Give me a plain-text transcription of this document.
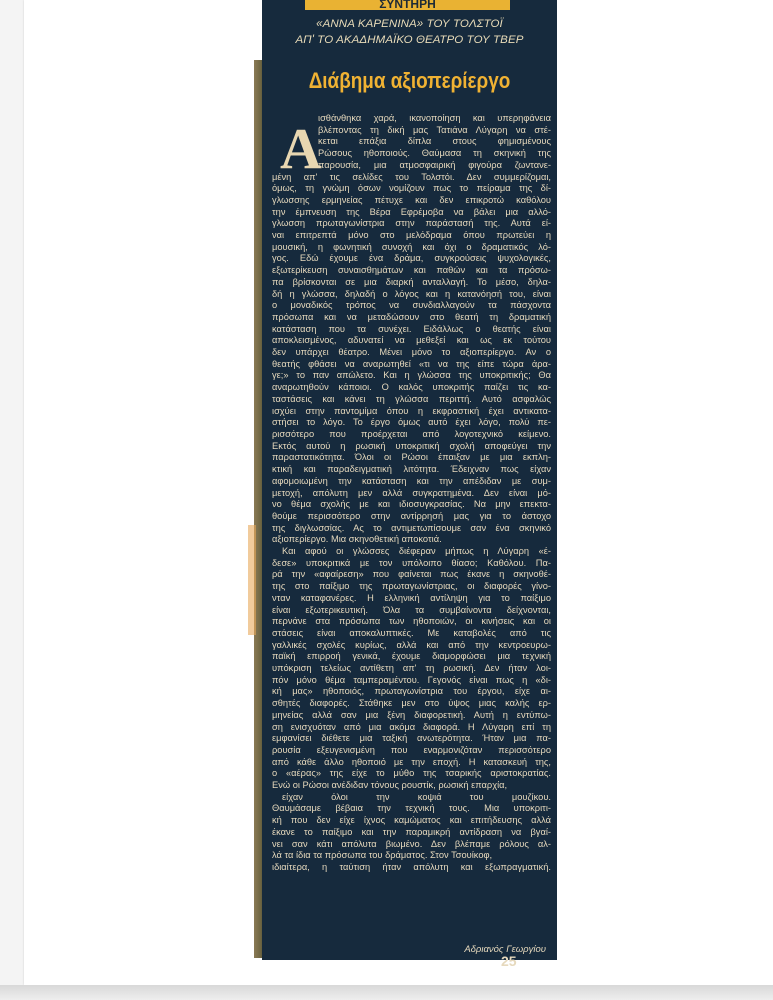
ΣΥΝΤΗΡΗ
«ΑΝΝΑ ΚΑΡΕΝΙΝΑ» ΤΟΥ ΤΟΛΣΤΟΪ
ΑΠ' ΤΟ ΑΚΑΔΗΜΑΪΚΟ ΘΕΑΤΡΟ ΤΟΥ ΤΒΕΡ
Διάβημα αξιοπερίεργο
Α
ισθάνθηκα χαρά, ικανοποίηση και υπερηφάνεια
βλέποντας τη δική μας Τατιάνα Λύγαρη να στέ-
κεται επάξια δίπλα στους φημισμένους
Ρώσους ηθοποιούς. Θαύμασα τη σκηνική της
παρουσία, μια ατμοσφαιρική φιγούρα ζωντανε-
μένη απ' τις σελίδες του Τολστόι. Δεν συμμερίζομαι,
όμως, τη γνώμη όσων νομίζουν πως το πείραμα της δί-
γλωσσης ερμηνείας πέτυχε και δεν επικροτώ καθόλου
την έμπνευση της Βέρα Εφρέμοβα να βάλει μια αλλό-
γλωσση πρωταγωνίστρια στην παράστασή της. Αυτά εί-
ναι επιτρεπτά μόνο στο μελόδραμα όπου πρωτεύει η
μουσική, η φωνητική συνοχή και όχι ο δραματικός λό-
γος. Εδώ έχουμε ένα δράμα, συγκρούσεις ψυχολογικές,
εξωτερίκευση συναισθημάτων και παθών και τα πρόσω-
πα βρίσκονται σε μια διαρκή ανταλλαγή. Το μέσο, δηλα-
δή η γλώσσα, δηλαδή ο λόγος και η κατανόησή του, είναι
ο μοναδικός τρόπος να συνδιαλλαγούν τα πάσχοντα
πρόσωπα και να μεταδώσουν στο θεατή τη δραματική
κατάσταση που τα συνέχει. Ειδάλλως ο θεατής είναι
αποκλεισμένος, αδυνατεί να μεθεξεί και ως εκ τούτου
δεν υπάρχει θέατρο. Μένει μόνο το αξιοπερίεργο. Αν ο
θεατής φθάσει να αναρωτηθεί «τι να της είπε τώρα άρα-
γε;» το παν απώλετο. Και η γλώσσα της υποκριτικής; Θα
αναρωτηθούν κάποιοι. Ο καλός υποκριτής παίζει τις κα-
ταστάσεις και κάνει τη γλώσσα περιττή. Αυτό ασφαλώς
ισχύει στην παντομίμα όπου η εκφραστική έχει αντικατα-
στήσει το λόγο. Το έργο όμως αυτό έχει λόγο, πολύ πε-
ρισσότερο που προέρχεται από λογοτεχνικό κείμενο.
Εκτός αυτού η ρωσική υποκριτική σχολή αποφεύγει την
παραστατικότητα. Όλοι οι Ρώσοι έπαιξαν με μια εκπλη-
κτική και παραδειγματική λιτότητα. Έδειχναν πως είχαν
αφομοιωμένη την κατάσταση και την απέδιδαν με συμ-
μετοχή, απόλυτη μεν αλλά συγκρατημένα. Δεν είναι μό-
νο θέμα σχολής με και ιδιοσυγκρασίας. Να μην επεκτα-
θούμε περισσότερο στην αντίρρησή μας για το άστοχο
της διγλωσσίας. Ας το αντιμετωπίσουμε σαν ένα σκηνικό
αξιοπερίεργο. Μια σκηνοθετική αποκοτιά.
Και αφού οι γλώσσες διέφεραν μήπως η Λύγαρη «έ-
δεσε» υποκριτικά με τον υπόλοιπο θίασο; Καθόλου. Πα-
ρά την «αφαίρεση» που φαίνεται πως έκανε η σκηνοθέ-
της στο παίξιμο της πρωταγωνίστριας, οι διαφορές γίνο-
νταν καταφανέρες. Η ελληνική αντίληψη για το παίξιμο
είναι εξωτερικευτική. Όλα τα συμβαίνοντα δείχνονται,
περνάνε στα πρόσωπα των ηθοποιών, οι κινήσεις και οι
στάσεις είναι αποκαλυπτικές. Με καταβολές από τις
γαλλικές σχολές κυρίως, αλλά και από την κεντροευρω-
παϊκή επιρροή γενικά, έχουμε διαμορφώσει μια τεχνική
υπόκριση τελείως αντίθετη απ' τη ρωσική. Δεν ήταν λοι-
πόν μόνο θέμα ταμπεραμέντου. Γεγονός είναι πως η «δι-
κή μας» ηθοποιός, πρωταγωνίστρια του έργου, είχε αι-
σθητές διαφορές. Στάθηκε μεν στο ύψος μιας καλής ερ-
μηνείας αλλά σαν μια ξένη διαφορετική. Αυτή η εντύπω-
ση ενισχυόταν από μια ακόμα διαφορά. Η Λύγαρη επί τη
εμφανίσει διέθετε μια ταξική ανωτερότητα. Ήταν μια πα-
ρουσία εξευγενισμένη που εναρμονιζόταν περισσότερο
από κάθε άλλο ηθοποιό με την εποχή. Η κατασκευή της,
ο «αέρας» της είχε το μύθο της τσαρικής αριστοκρατίας.
Ενώ οι Ρώσοι ανέδιδαν τόνους ρουστίκ, ρωσική επαρχία,
είχαν όλοι την κοψιά του μουζίκου.
Θαυμάσαμε βέβαια την τεχνική τους. Μια υποκριτι-
κή που δεν είχε ίχνος καμώματος και επιτήδευσης αλλά
έκανε το παίξιμο και την παραμικρή αντίδραση να βγαί-
νει σαν κάτι απόλυτα βιωμένο. Δεν βλέπαμε ρόλους αλ-
λά τα ίδια τα πρόσωπα του δράματος. Στον Τσουίκοφ,
ιδιαίτερα, η ταύτιση ήταν απόλυτη και εξωπραγματική.
25
Αδριανός Γεωργίου
